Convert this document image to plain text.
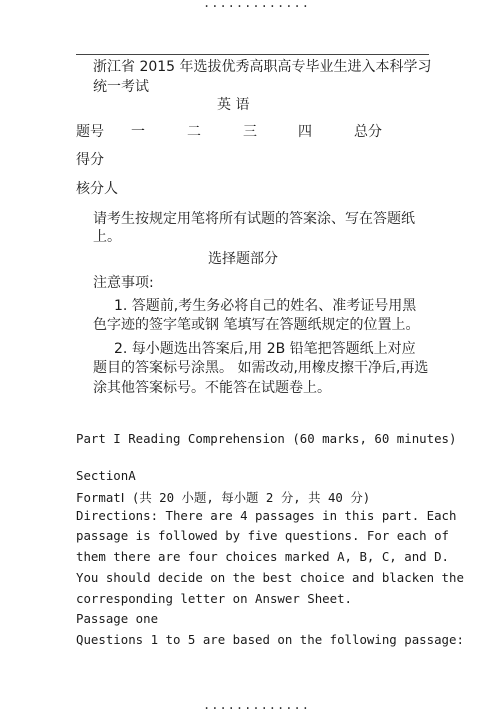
.............
浙江省 2015 年选拔优秀高职高专毕业生进入本科学习
统一考试
英 语
题号 一	二	三	四	总分
得分
核分人
请考生按规定用笔将所有试题的答案涂、写在答题纸
上。
选择题部分
注意事项:
1. 答题前,考生务必将自己的姓名、准考证号用黑
色字迹的签字笔或钢 笔填写在答题纸规定的位置上。
2. 每小题选出答案后,用 2B 铅笔把答题纸上对应
题目的答案标号涂黑。 如需改动,用橡皮擦干净后,再选
涂其他答案标号。不能答在试题卷上。
Part I Reading Comprehension (60 marks, 60 minutes)
SectionA
FormatⅠ (共 20 小题, 每小题 2 分, 共 40 分)
Directions: There are 4 passages in this part. Each
passage is followed by five questions. For each of
them there are four choices marked A, B, C, and D.
You should decide on the best choice and blacken the
corresponding letter on Answer Sheet.
Passage one
Questions 1 to 5 are based on the following passage:
.............
